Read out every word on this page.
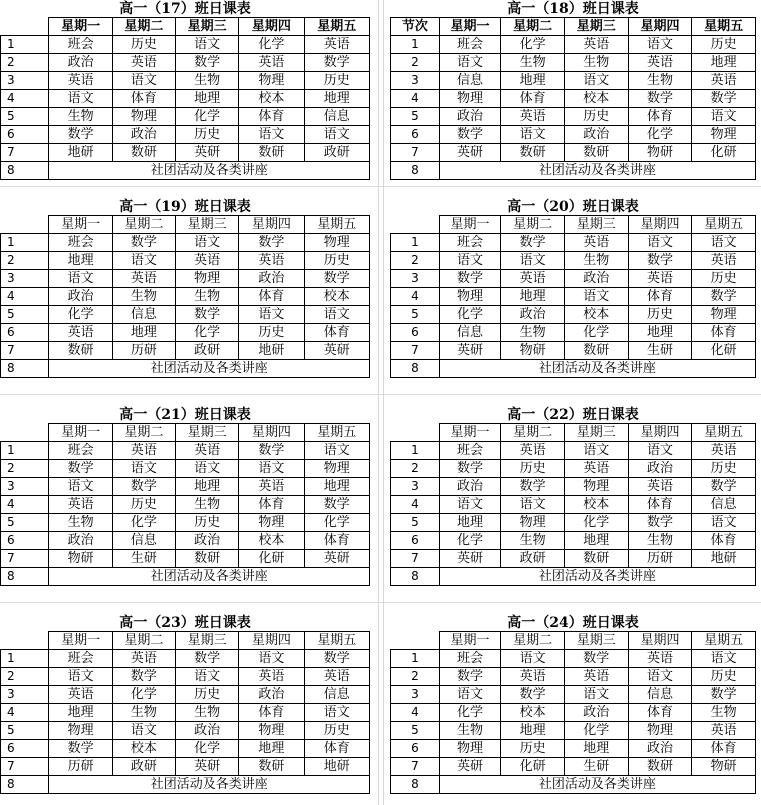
高一（17）班日课表
	星期一	星期二	星期三	星期四	星期五
1	班会	历史	语文	化学	英语
2	政治	英语	数学	英语	数学
3	英语	语文	生物	物理	历史
4	语文	体育	地理	校本	地理
5	生物	物理	化学	体育	信息
6	数学	政治	历史	语文	语文
7	地研	数研	英研	数研	政研
8	社团活动及各类讲座				
高一（18）班日课表
节次	星期一	星期二	星期三	星期四	星期五
1	班会	化学	英语	语文	历史
2	语文	生物	生物	英语	地理
3	信息	地理	语文	生物	英语
4	物理	体育	校本	数学	数学
5	政治	英语	历史	体育	语文
6	数学	语文	政治	化学	物理
7	英研	数研	数研	物研	化研
8	社团活动及各类讲座				
高一（19）班日课表
	星期一	星期二	星期三	星期四	星期五
1	班会	数学	语文	数学	物理
2	地理	语文	英语	英语	历史
3	语文	英语	物理	政治	数学
4	政治	生物	生物	体育	校本
5	化学	信息	数学	语文	语文
6	英语	地理	化学	历史	体育
7	数研	历研	政研	地研	英研
8	社团活动及各类讲座				
高一（20）班日课表
	星期一	星期二	星期三	星期四	星期五
1	班会	数学	英语	语文	语文
2	语文	语文	生物	数学	英语
3	数学	英语	政治	英语	历史
4	物理	地理	语文	体育	数学
5	化学	政治	校本	历史	物理
6	信息	生物	化学	地理	体育
7	英研	物研	数研	生研	化研
8	社团活动及各类讲座				
高一（21）班日课表
	星期一	星期二	星期三	星期四	星期五
1	班会	英语	英语	数学	语文
2	数学	语文	语文	语文	物理
3	语文	数学	地理	英语	地理
4	英语	历史	生物	体育	数学
5	生物	化学	历史	物理	化学
6	政治	信息	政治	校本	体育
7	物研	生研	数研	化研	英研
8	社团活动及各类讲座				
高一（22）班日课表
	星期一	星期二	星期三	星期四	星期五
1	班会	英语	语文	语文	英语
2	数学	历史	英语	政治	历史
3	政治	数学	物理	英语	数学
4	语文	语文	校本	体育	信息
5	地理	物理	化学	数学	语文
6	化学	生物	地理	生物	体育
7	英研	政研	数研	历研	地研
8	社团活动及各类讲座				
高一（23）班日课表
	星期一	星期二	星期三	星期四	星期五
1	班会	英语	数学	语文	数学
2	语文	数学	语文	英语	英语
3	英语	化学	历史	政治	信息
4	地理	生物	生物	体育	语文
5	物理	语文	政治	物理	历史
6	数学	校本	化学	地理	体育
7	历研	政研	英研	数研	地研
8	社团活动及各类讲座				
高一（24）班日课表
	星期一	星期二	星期三	星期四	星期五
1	班会	语文	数学	英语	语文
2	数学	英语	英语	语文	历史
3	语文	数学	语文	信息	数学
4	化学	校本	政治	体育	生物
5	生物	地理	化学	物理	英语
6	物理	历史	地理	政治	体育
7	英研	化研	生研	数研	物研
8	社团活动及各类讲座				
